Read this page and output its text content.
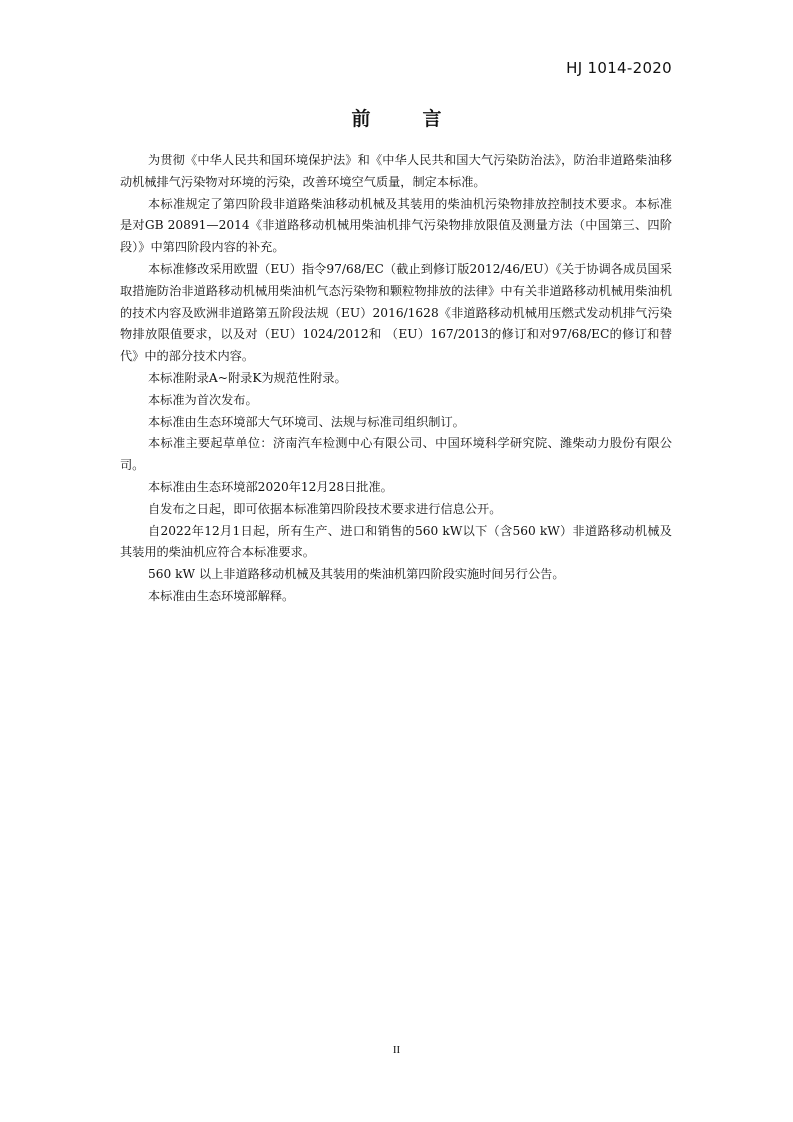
HJ 1014-2020
前	言

为贯彻《中华人民共和国环境保护法》和《中华人民共和国大气污染防治法》，防治非道路柴油移动机械排气污染物对环境的污染，改善环境空气质量，制定本标准。

本标准规定了第四阶段非道路柴油移动机械及其装用的柴油机污染物排放控制技术要求。本标准是对GB 20891—2014《非道路移动机械用柴油机排气污染物排放限值及测量方法（中国第三、四阶段）》中第四阶段内容的补充。

本标准修改采用欧盟（EU）指令97/68/EC（截止到修订版2012/46/EU）《关于协调各成员国采取措施防治非道路移动机械用柴油机气态污染物和颗粒物排放的法律》中有关非道路移动机械用柴油机的技术内容及欧洲非道路第五阶段法规（EU）2016/1628《非道路移动机械用压燃式发动机排气污染物排放限值要求，以及对（EU）1024/2012和 （EU）167/2013的修订和对97/68/EC的修订和替代》中的部分技术内容。

本标准附录A~附录K为规范性附录。

本标准为首次发布。

本标准由生态环境部大气环境司、法规与标准司组织制订。

本标准主要起草单位：济南汽车检测中心有限公司、中国环境科学研究院、潍柴动力股份有限公司。

本标准由生态环境部2020年12月28日批准。

自发布之日起，即可依据本标准第四阶段技术要求进行信息公开。

自2022年12月1日起，所有生产、进口和销售的560 kW以下（含560 kW）非道路移动机械及其装用的柴油机应符合本标准要求。

560 kW 以上非道路移动机械及其装用的柴油机第四阶段实施时间另行公告。

本标准由生态环境部解释。

II
